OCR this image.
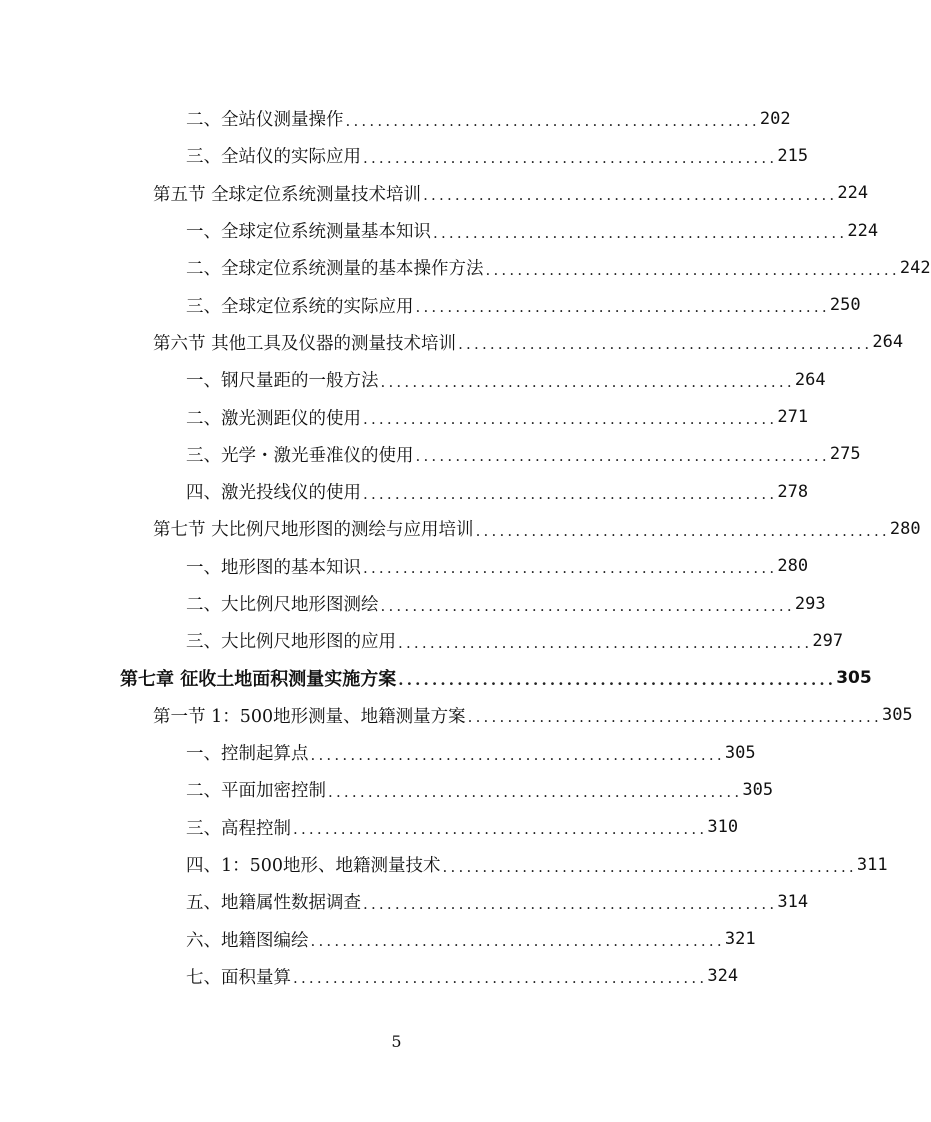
二、全站仪测量操作 .................................................... 202
三、全站仪的实际应用 .................................................... 215
第五节 全球定位系统测量技术培训 .................................................... 224
一、全球定位系统测量基本知识 .................................................... 224
二、全球定位系统测量的基本操作方法 .................................................... 242
三、全球定位系统的实际应用 .................................................... 250
第六节 其他工具及仪器的测量技术培训 .................................................... 264
一、钢尺量距的一般方法 .................................................... 264
二、激光测距仪的使用 .................................................... 271
三、光学・激光垂准仪的使用 .................................................... 275
四、激光投线仪的使用 .................................................... 278
第七节 大比例尺地形图的测绘与应用培训 .................................................... 280
一、地形图的基本知识 .................................................... 280
二、大比例尺地形图测绘 .................................................... 293
三、大比例尺地形图的应用 .................................................... 297
第七章 征收土地面积测量实施方案 .................................................... 305
第一节 1：500地形测量、地籍测量方案 .................................................... 305
一、控制起算点 .................................................... 305
二、平面加密控制 .................................................... 305
三、高程控制 .................................................... 310
四、1：500地形、地籍测量技术 .................................................... 311
五、地籍属性数据调查 .................................................... 314
六、地籍图编绘 .................................................... 321
七、面积量算 .................................................... 324
5
